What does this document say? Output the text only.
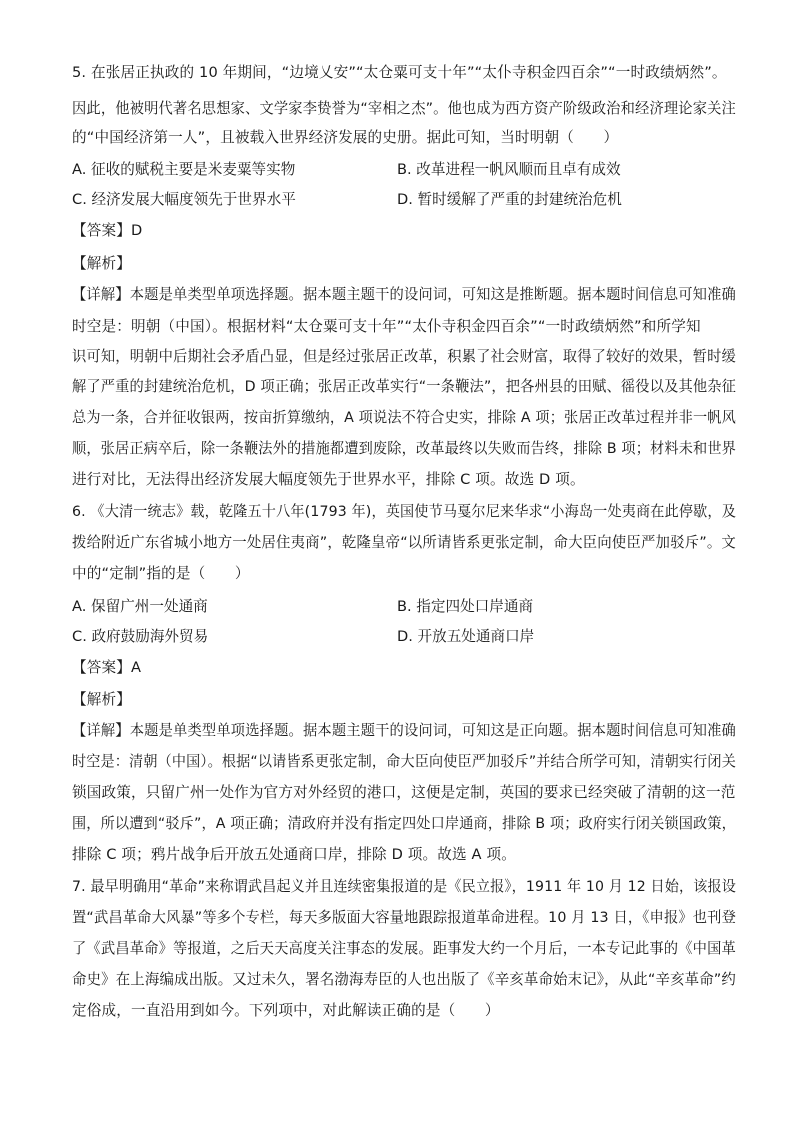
5. 在张居正执政的 10 年期间，“边境乂安”“太仓粟可支十年”“太仆寺积金四百余”“一时政绩炳然”。
因此，他被明代著名思想家、文学家李贽誉为“宰相之杰”。他也成为西方资产阶级政治和经济理论家关注
的“中国经济第一人”，且被载入世界经济发展的史册。据此可知，当时明朝（　　）
A. 征收的赋税主要是米麦粟等实物	B. 改革进程一帆风顺而且卓有成效
C. 经济发展大幅度领先于世界水平	D. 暂时缓解了严重的封建统治危机
【答案】D
【解析】
【详解】本题是单类型单项选择题。据本题主题干的设问词，可知这是推断题。据本题时间信息可知准确
时空是：明朝（中国）。根据材料“太仓粟可支十年”“太仆寺积金四百余”“一时政绩炳然”和所学知
识可知，明朝中后期社会矛盾凸显，但是经过张居正改革，积累了社会财富，取得了较好的效果，暂时缓
解了严重的封建统治危机，D 项正确；张居正改革实行“一条鞭法”，把各州县的田赋、徭役以及其他杂征
总为一条，合并征收银两，按亩折算缴纳，A 项说法不符合史实，排除 A 项；张居正改革过程并非一帆风
顺，张居正病卒后，除一条鞭法外的措施都遭到废除，改革最终以失败而告终，排除 B 项；材料未和世界
进行对比，无法得出经济发展大幅度领先于世界水平，排除 C 项。故选 D 项。
6. 《大清一统志》载，乾隆五十八年(1793 年)，英国使节马戛尔尼来华求“小海岛一处夷商在此停歇，及
拨给附近广东省城小地方一处居住夷商”，乾隆皇帝“以所请皆系更张定制，命大臣向使臣严加驳斥”。文
中的“定制”指的是（　　）
A. 保留广州一处通商	B. 指定四处口岸通商
C. 政府鼓励海外贸易	D. 开放五处通商口岸
【答案】A
【解析】
【详解】本题是单类型单项选择题。据本题主题干的设问词，可知这是正向题。据本题时间信息可知准确
时空是：清朝（中国）。根据“以请皆系更张定制，命大臣向使臣严加驳斥”并结合所学可知，清朝实行闭关
锁国政策，只留广州一处作为官方对外经贸的港口，这便是定制，英国的要求已经突破了清朝的这一范
围，所以遭到“驳斥”，A 项正确；清政府并没有指定四处口岸通商，排除 B 项；政府实行闭关锁国政策，
排除 C 项；鸦片战争后开放五处通商口岸，排除 D 项。故选 A 项。
7. 最早明确用“革命”来称谓武昌起义并且连续密集报道的是《民立报》，1911 年 10 月 12 日始，该报设
置“武昌革命大风暴”等多个专栏，每天多版面大容量地跟踪报道革命进程。10 月 13 日，《申报》也刊登
了《武昌革命》等报道，之后天天高度关注事态的发展。距事发大约一个月后，一本专记此事的《中国革
命史》在上海编成出版。又过未久，署名渤海寿臣的人也出版了《辛亥革命始末记》，从此“辛亥革命”约
定俗成，一直沿用到如今。下列项中，对此解读正确的是（　　）
